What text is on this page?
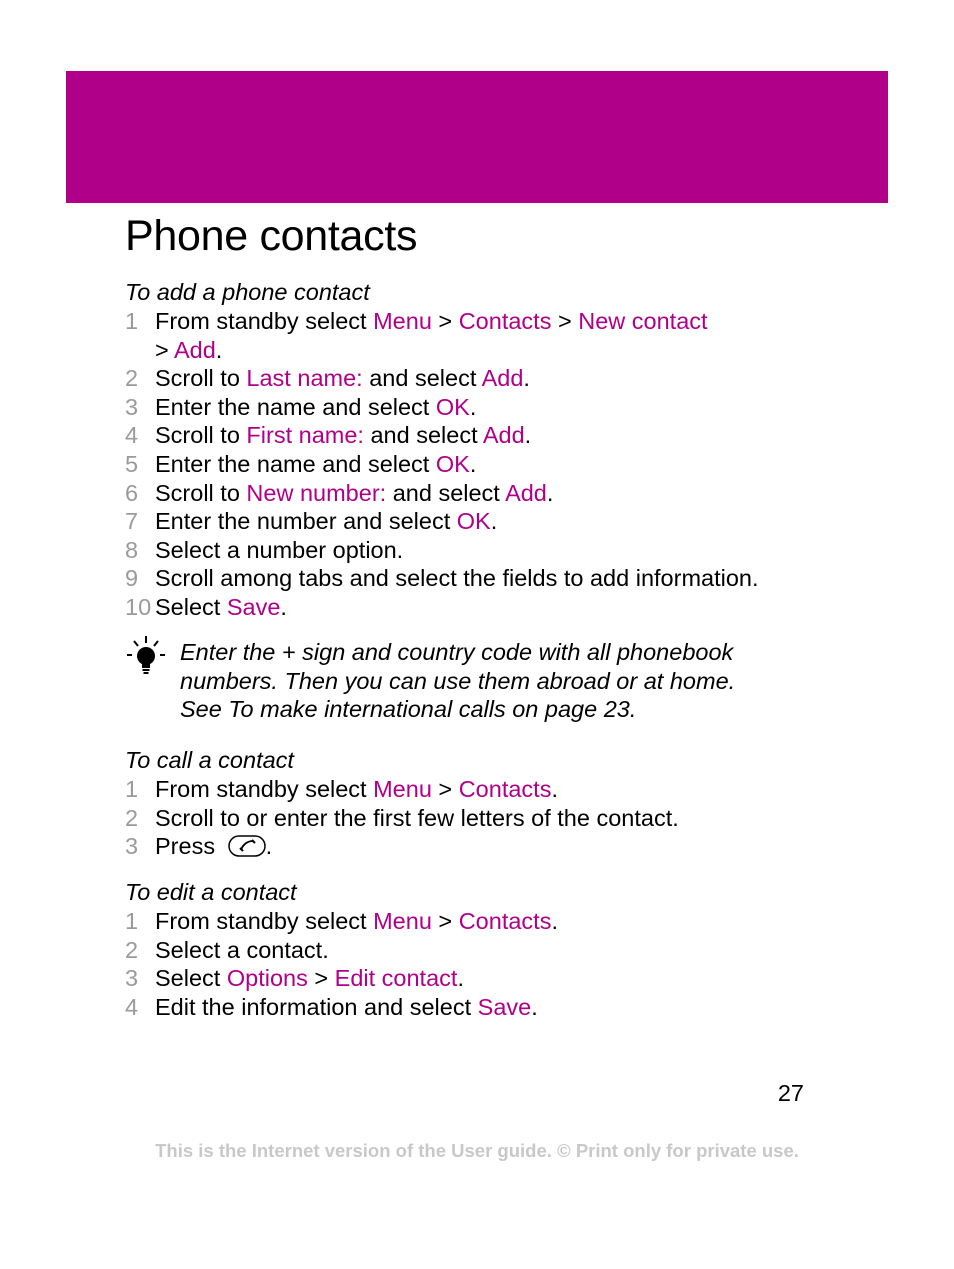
Phone contacts
To add a phone contact
1 From standby select Menu > Contacts > New contact
> Add.
2 Scroll to Last name: and select Add.
3 Enter the name and select OK.
4 Scroll to First name: and select Add.
5 Enter the name and select OK.
6 Scroll to New number: and select Add.
7 Enter the number and select OK.
8 Select a number option.
9 Scroll among tabs and select the fields to add information.
10 Select Save.
Enter the + sign and country code with all phonebook
numbers. Then you can use them abroad or at home.
See To make international calls on page 23.
To call a contact
1 From standby select Menu > Contacts.
2 Scroll to or enter the first few letters of the contact.
3 Press .
To edit a contact
1 From standby select Menu > Contacts.
2 Select a contact.
3 Select Options > Edit contact.
4 Edit the information and select Save.
27
This is the Internet version of the User guide. © Print only for private use.
